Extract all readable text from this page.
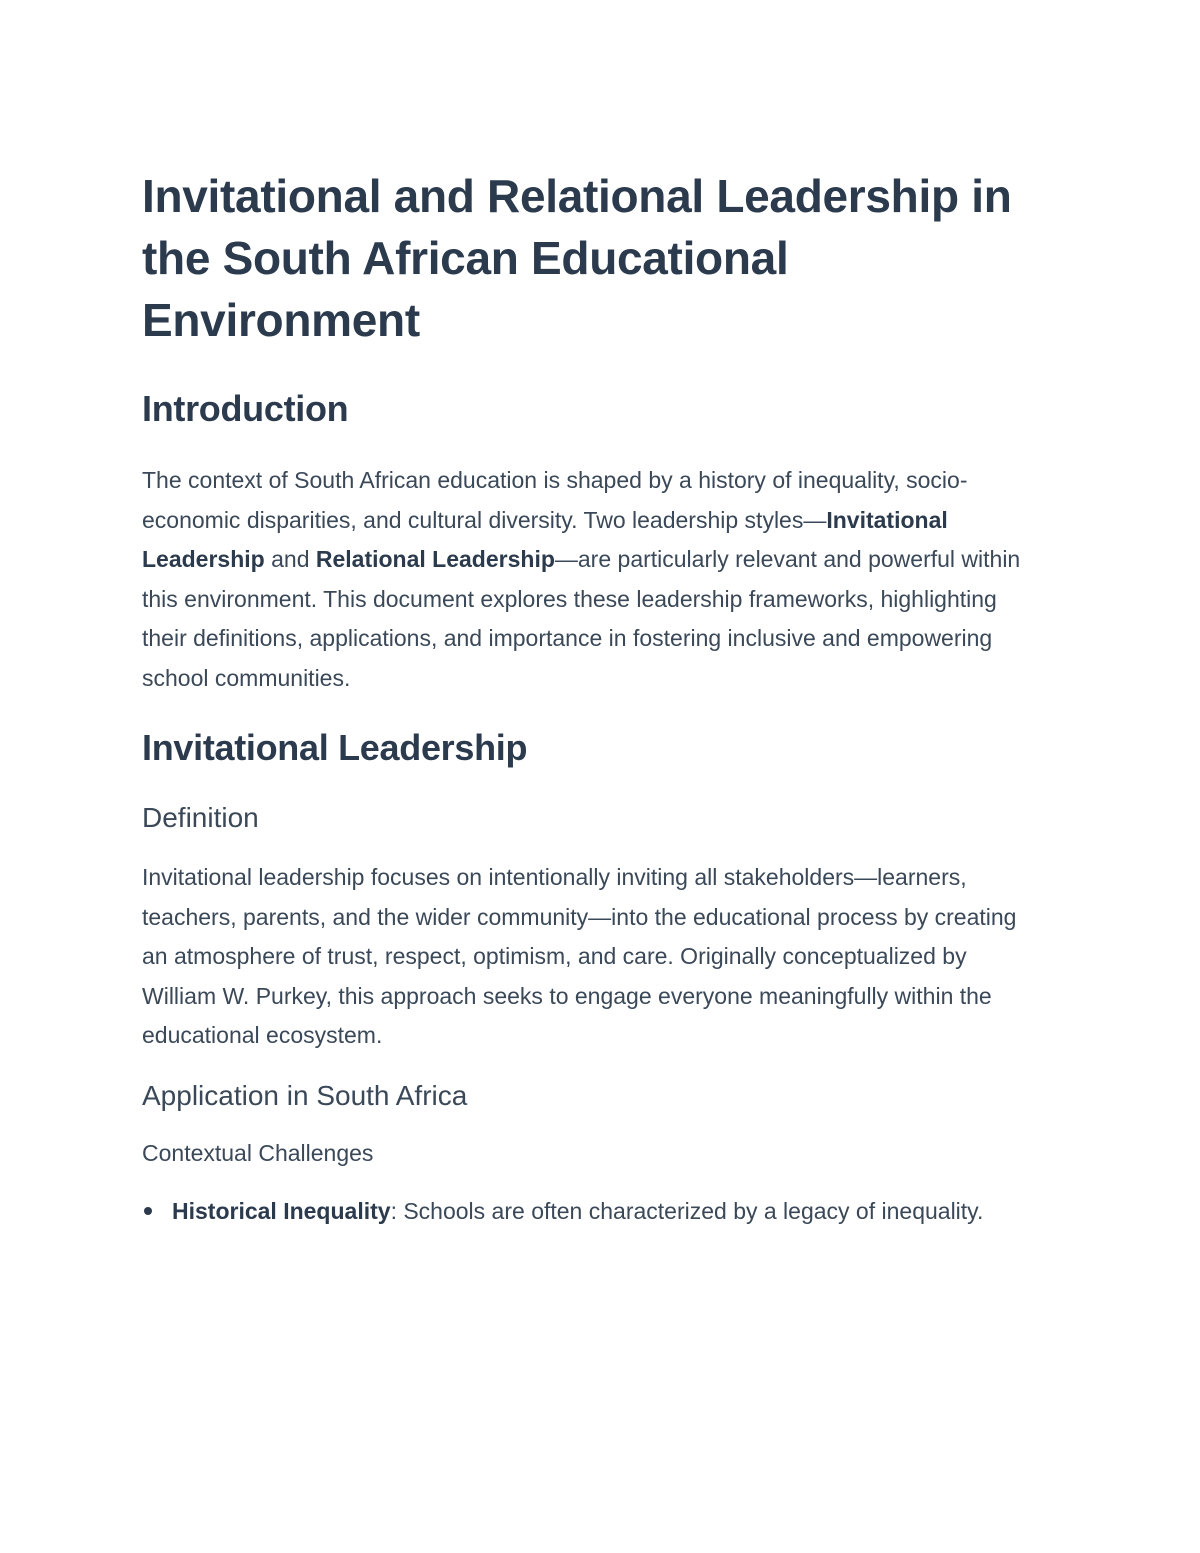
Invitational and Relational Leadership in the South African Educational Environment
Introduction

The context of South African education is shaped by a history of inequality, socio-economic disparities, and cultural diversity. Two leadership styles—Invitational Leadership and Relational Leadership—are particularly relevant and powerful within this environment. This document explores these leadership frameworks, highlighting their definitions, applications, and importance in fostering inclusive and empowering school communities.

Invitational Leadership
Definition

Invitational leadership focuses on intentionally inviting all stakeholders—learners, teachers, parents, and the wider community—into the educational process by creating an atmosphere of trust, respect, optimism, and care. Originally conceptualized by William W. Purkey, this approach seeks to engage everyone meaningfully within the educational ecosystem.

Application in South Africa
Contextual Challenges
Historical Inequality: Schools are often characterized by a legacy of inequality.
